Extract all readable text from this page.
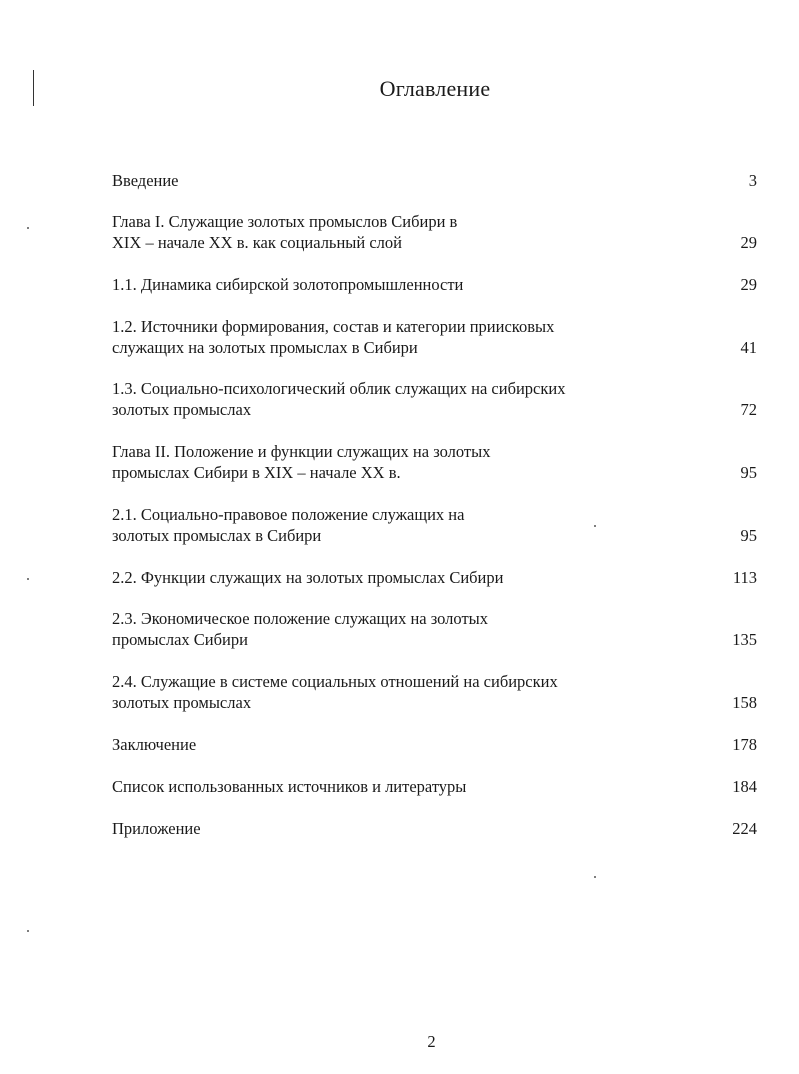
Оглавление
Введение	3
Глава I. Служащие золотых промыслов Сибири в
XIX – начале XX в. как социальный слой	29
1.1. Динамика сибирской золотопромышленности	29
1.2. Источники формирования, состав и категории приисковых
служащих на золотых промыслах в Сибири	41
1.3. Социально-психологический облик служащих на сибирских
золотых промыслах	72
Глава II. Положение и функции служащих на золотых
промыслах Сибири в XIX – начале XX в.	95
2.1. Социально-правовое положение служащих на
золотых промыслах в Сибири	95
2.2. Функции служащих на золотых промыслах Сибири	113
2.3. Экономическое положение служащих на золотых
промыслах Сибири	135
2.4. Служащие в системе социальных отношений на сибирских
золотых промыслах	158
Заключение	178
Список использованных источников и литературы	184
Приложение	224
2
